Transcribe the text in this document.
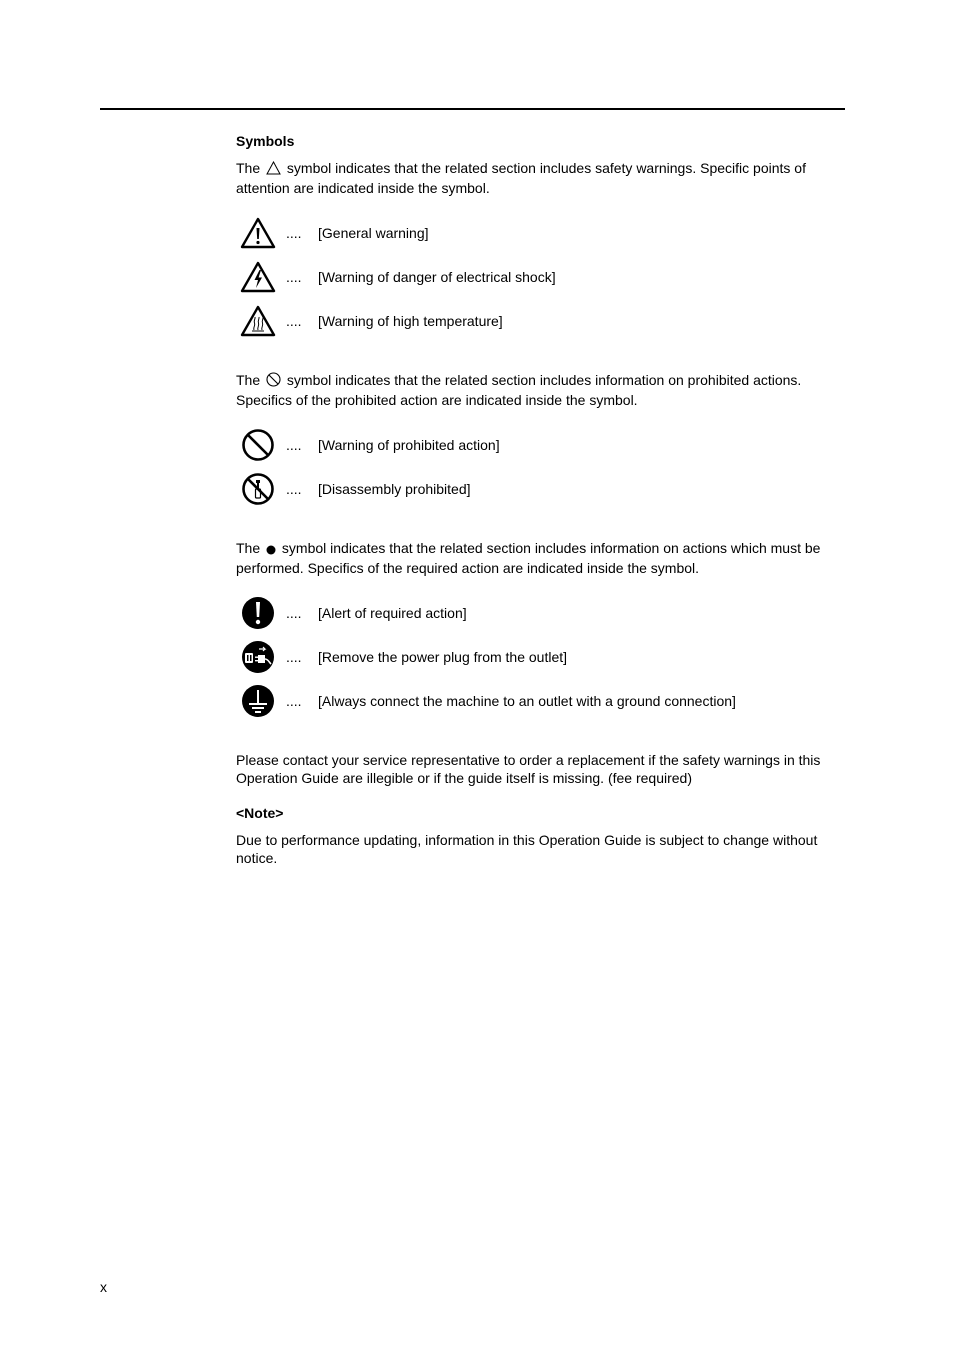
Symbols

The symbol indicates that the related section includes safety warnings. Specific points of attention are indicated inside the symbol.

....	[General warning]
....	[Warning of danger of electrical shock]
....	[Warning of high temperature]

The symbol indicates that the related section includes information on prohibited actions. Specifics of the prohibited action are indicated inside the symbol.

....	[Warning of prohibited action]
....	[Disassembly prohibited]

The symbol indicates that the related section includes information on actions which must be performed. Specifics of the required action are indicated inside the symbol.

....	[Alert of required action]
....	[Remove the power plug from the outlet]
....	[Always connect the machine to an outlet with a ground connection]

Please contact your service representative to order a replacement if the safety warnings in this Operation Guide are illegible or if the guide itself is missing. (fee required)

<Note>

Due to performance updating, information in this Operation Guide is subject to change without notice.

x
